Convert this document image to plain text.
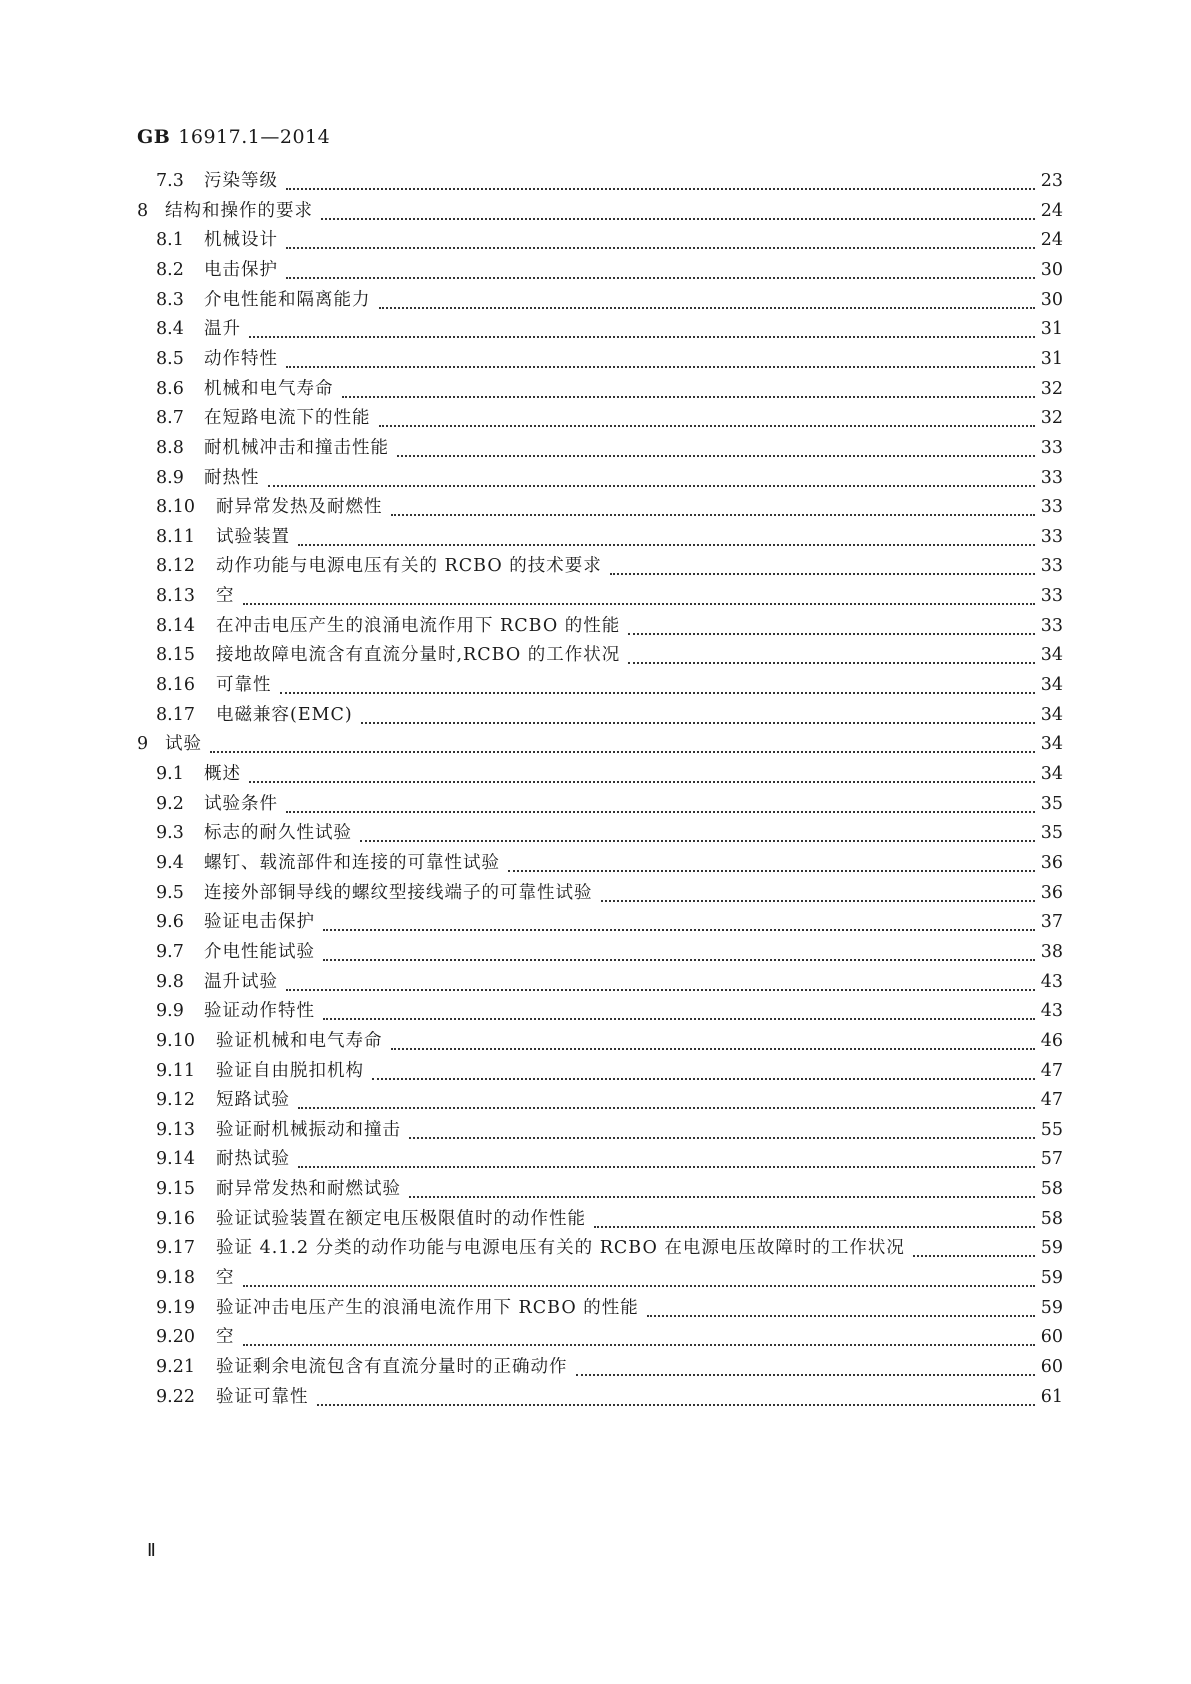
GB 16917.1—2014
7.3	污染等级	23
8 结构和操作的要求	24
8.1	机械设计	24
8.2	电击保护	30
8.3	介电性能和隔离能力	30
8.4	温升	31
8.5	动作特性	31
8.6	机械和电气寿命	32
8.7	在短路电流下的性能	32
8.8	耐机械冲击和撞击性能	33
8.9	耐热性	33
8.10	耐异常发热及耐燃性	33
8.11	试验装置	33
8.12	动作功能与电源电压有关的 RCBO 的技术要求	33
8.13	空	33
8.14	在冲击电压产生的浪涌电流作用下 RCBO 的性能	33
8.15	接地故障电流含有直流分量时,RCBO 的工作状况	34
8.16	可靠性	34
8.17	电磁兼容(EMC)	34
9 试验	34
9.1	概述	34
9.2	试验条件	35
9.3	标志的耐久性试验	35
9.4	螺钉、载流部件和连接的可靠性试验	36
9.5	连接外部铜导线的螺纹型接线端子的可靠性试验	36
9.6	验证电击保护	37
9.7	介电性能试验	38
9.8	温升试验	43
9.9	验证动作特性	43
9.10	验证机械和电气寿命	46
9.11	验证自由脱扣机构	47
9.12	短路试验	47
9.13	验证耐机械振动和撞击	55
9.14	耐热试验	57
9.15	耐异常发热和耐燃试验	58
9.16	验证试验装置在额定电压极限值时的动作性能	58
9.17	验证 4.1.2 分类的动作功能与电源电压有关的 RCBO 在电源电压故障时的工作状况	59
9.18	空	59
9.19	验证冲击电压产生的浪涌电流作用下 RCBO 的性能	59
9.20	空	60
9.21	验证剩余电流包含有直流分量时的正确动作	60
9.22	验证可靠性	61
Ⅱ
